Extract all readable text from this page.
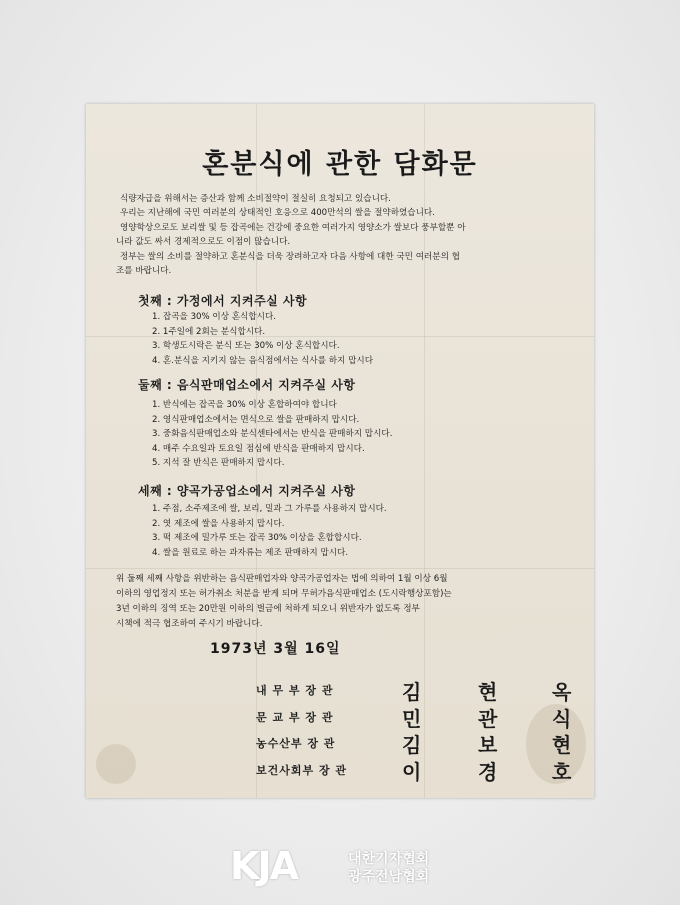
혼분식에 관한 담화문

식량자급을 위해서는 증산과 함께 소비절약이 절실히 요청되고 있습니다.

우리는 지난해에 국민 여러분의 상태적인 호응으로 400만석의 쌀을 절약하였습니다.

영양학상으로도 보리쌀 및 등 잡곡에는 건강에 중요한 여러가지 영양소가 쌀보다 풍부할뿐 아

니라 값도 싸서 경제적으로도 이점이 많습니다.

정부는 쌀의 소비를 절약하고 혼분식을 더욱 장려하고자 다음 사항에 대한 국민 여러분의 협

조를 바랍니다.

첫째 : 가정에서 지켜주실 사항
1. 잡곡을 30% 이상 혼식합시다.
2. 1주일에 2회는 분식합시다.
3. 학생도시락은 분식 또는 30% 이상 혼식합시다.
4. 혼.분식을 지키지 않는 음식점에서는 식사를 하지 맙시다
둘째 : 음식판매업소에서 지켜주실 사항
1. 반식에는 잡곡을 30% 이상 혼합하여야 합니다
2. 영식판매업소에서는 면식으로 쌀을 판매하지 맙시다.
3. 중화음식판매업소와 분식센타에서는 반식을 판매하지 맙시다.
4. 매주 수요일과 토요일 점심에 반식을 판매하지 맙시다.
5. 지석 잘 반식은 판매하지 맙시다.
세째 : 양곡가공업소에서 지켜주실 사항
1. 주점, 소주제조에 쌀, 보리, 밀과 그 가루를 사용하지 맙시다.
2. 엿 제조에 쌀을 사용하지 맙시다.
3. 떡 제조에 밀가루 또는 잡곡 30% 이상을 혼합합시다.
4. 쌀을 원료로 하는 과자류는 제조 판매하지 맙시다.

위 둘째 세째 사항을 위반하는 음식판매업자와 양곡가공업자는 법에 의하여 1월 이상 6월

이하의 영업정지 또는 허가취소 처분을 받게 되며 무허가음식판매업소 (도시락행상포함)는

3년 이하의 징역 또는 20만원 이하의 벌금에 처하게 되오니 위반자가 없도록 정부

시책에 적극 협조하여 주시기 바랍니다.

1973년 3월 16일
내 무 부 장 관	김	현	옥
문 교 부 장 관	민	관	식
농수산부 장 관	김	보	현
보건사회부 장 관	이	경	호
KJA	대한기자협회
광주전남협회
